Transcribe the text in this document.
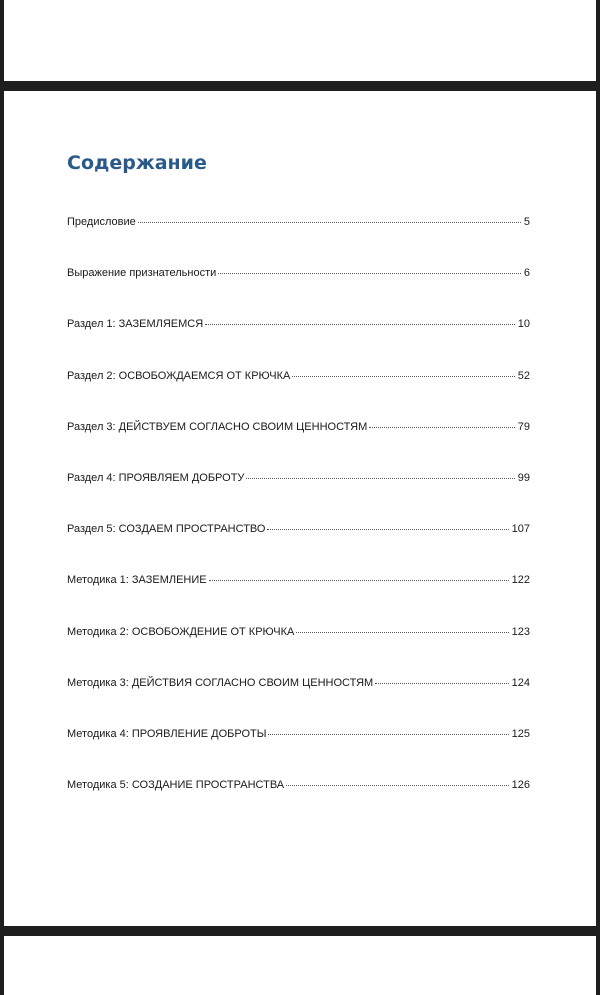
Содержание
Предисловие	5
Выражение признательности	6
Раздел 1: ЗАЗЕМЛЯЕМСЯ	10
Раздел 2: ОСВОБОЖДАЕМСЯ ОТ КРЮЧКА	52
Раздел 3: ДЕЙСТВУЕМ СОГЛАСНО СВОИМ ЦЕННОСТЯМ	79
Раздел 4: ПРОЯВЛЯЕМ ДОБРОТУ	99
Раздел 5: СОЗДАЕМ ПРОСТРАНСТВО	107
Методика 1: ЗАЗЕМЛЕНИЕ	122
Методика 2: ОСВОБОЖДЕНИЕ ОТ КРЮЧКА	123
Методика 3: ДЕЙСТВИЯ СОГЛАСНО СВОИМ ЦЕННОСТЯМ	124
Методика 4: ПРОЯВЛЕНИЕ ДОБРОТЫ	125
Методика 5: СОЗДАНИЕ ПРОСТРАНСТВА	126
